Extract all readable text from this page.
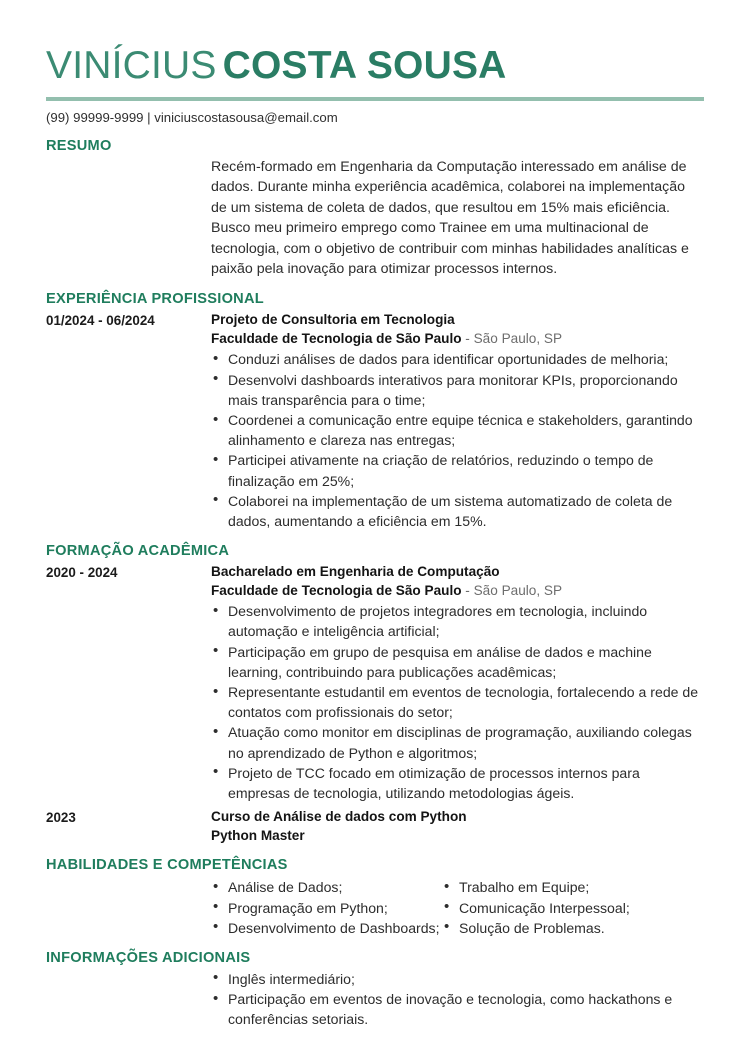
VINÍCIUS COSTA SOUSA
(99) 99999-9999 | viniciuscostasousa@email.com
RESUMO
Recém-formado em Engenharia da Computação interessado em análise de dados. Durante minha experiência acadêmica, colaborei na implementação de um sistema de coleta de dados, que resultou em 15% mais eficiência. Busco meu primeiro emprego como Trainee em uma multinacional de tecnologia, com o objetivo de contribuir com minhas habilidades analíticas e paixão pela inovação para otimizar processos internos.
EXPERIÊNCIA PROFISSIONAL
01/2024 - 06/2024	Projeto de Consultoria em Tecnologia
Faculdade de Tecnologia de São Paulo - São Paulo, SP
• Conduzi análises de dados para identificar oportunidades de melhoria;
• Desenvolvi dashboards interativos para monitorar KPIs, proporcionando mais transparência para o time;
• Coordenei a comunicação entre equipe técnica e stakeholders, garantindo alinhamento e clareza nas entregas;
• Participei ativamente na criação de relatórios, reduzindo o tempo de finalização em 25%;
• Colaborei na implementação de um sistema automatizado de coleta de dados, aumentando a eficiência em 15%.
FORMAÇÃO ACADÊMICA
2020 - 2024	Bacharelado em Engenharia de Computação
Faculdade de Tecnologia de São Paulo - São Paulo, SP
• Desenvolvimento de projetos integradores em tecnologia, incluindo automação e inteligência artificial;
• Participação em grupo de pesquisa em análise de dados e machine learning, contribuindo para publicações acadêmicas;
• Representante estudantil em eventos de tecnologia, fortalecendo a rede de contatos com profissionais do setor;
• Atuação como monitor em disciplinas de programação, auxiliando colegas no aprendizado de Python e algoritmos;
• Projeto de TCC focado em otimização de processos internos para empresas de tecnologia, utilizando metodologias ágeis.
2023	Curso de Análise de dados com Python
Python Master
HABILIDADES E COMPETÊNCIAS
• Análise de Dados;
• Programação em Python;
• Desenvolvimento de Dashboards;
• Trabalho em Equipe;
• Comunicação Interpessoal;
• Solução de Problemas.
INFORMAÇÕES ADICIONAIS
• Inglês intermediário;
• Participação em eventos de inovação e tecnologia, como hackathons e conferências setoriais.
